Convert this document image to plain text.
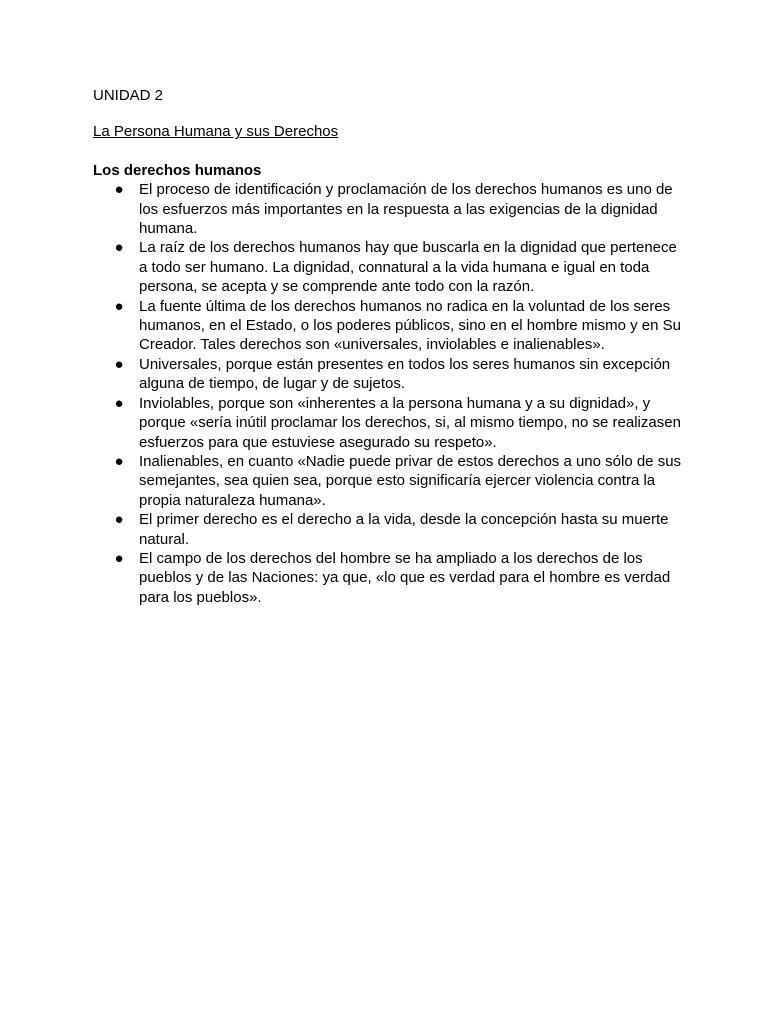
UNIDAD 2

La Persona Humana y sus Derechos

Los derechos humanos

● El proceso de identificación y proclamación de los derechos humanos es uno de los esfuerzos más importantes en la respuesta a las exigencias de la dignidad humana.
● La raíz de los derechos humanos hay que buscarla en la dignidad que pertenece a todo ser humano. La dignidad, connatural a la vida humana e igual en toda persona, se acepta y se comprende ante todo con la razón.
● La fuente última de los derechos humanos no radica en la voluntad de los seres humanos, en el Estado, o los poderes públicos, sino en el hombre mismo y en Su Creador. Tales derechos son «universales, inviolables e inalienables».
● Universales, porque están presentes en todos los seres humanos sin excepción alguna de tiempo, de lugar y de sujetos.
● Inviolables, porque son «inherentes a la persona humana y a su dignidad», y porque «sería inútil proclamar los derechos, si, al mismo tiempo, no se realizasen esfuerzos para que estuviese asegurado su respeto».
● Inalienables, en cuanto «Nadie puede privar de estos derechos a uno sólo de sus semejantes, sea quien sea, porque esto significaría ejercer violencia contra la propia naturaleza humana».
● El primer derecho es el derecho a la vida, desde la concepción hasta su muerte natural.
● El campo de los derechos del hombre se ha ampliado a los derechos de los pueblos y de las Naciones: ya que, «lo que es verdad para el hombre es verdad para los pueblos».
